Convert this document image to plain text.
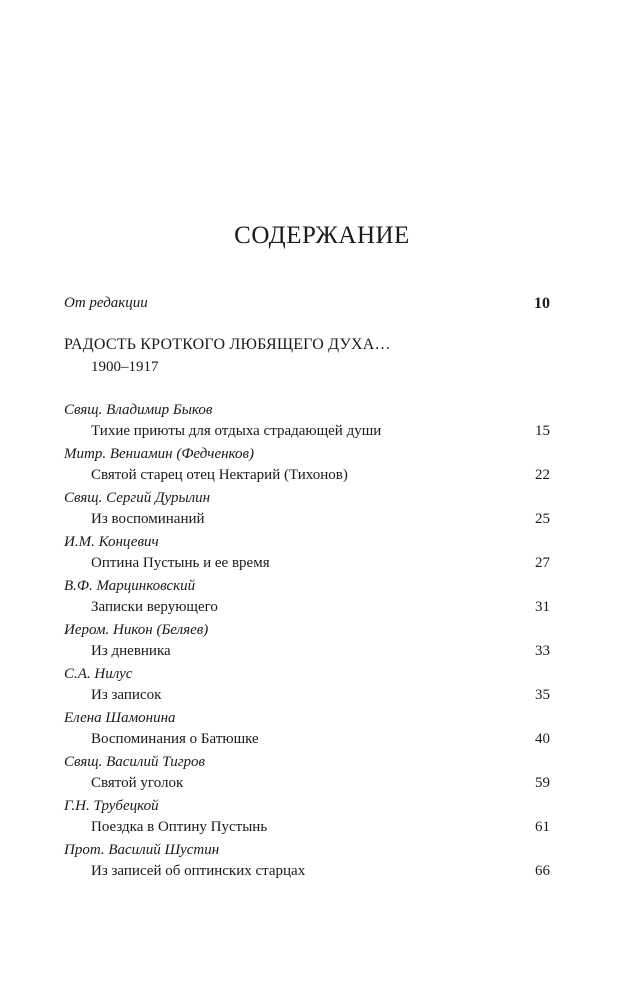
СОДЕРЖАНИЕ
От редакции	10
РАДОСТЬ КРОТКОГО ЛЮБЯЩЕГО ДУХА…
1900–1917
Свящ. Владимир Быков
Тихие приюты для отдыха страдающей души	15
Митр. Вениамин (Федченков)
Святой старец отец Нектарий (Тихонов)	22
Свящ. Сергий Дурылин
Из воспоминаний	25
И.М. Концевич
Оптина Пустынь и ее время	27
В.Ф. Марцинковский
Записки верующего	31
Иером. Никон (Беляев)
Из дневника	33
С.А. Нилус
Из записок	35
Елена Шамонина
Воспоминания о Батюшке	40
Свящ. Василий Тигров
Святой уголок	59
Г.Н. Трубецкой
Поездка в Оптину Пустынь	61
Прот. Василий Шустин
Из записей об оптинских старцах	66
